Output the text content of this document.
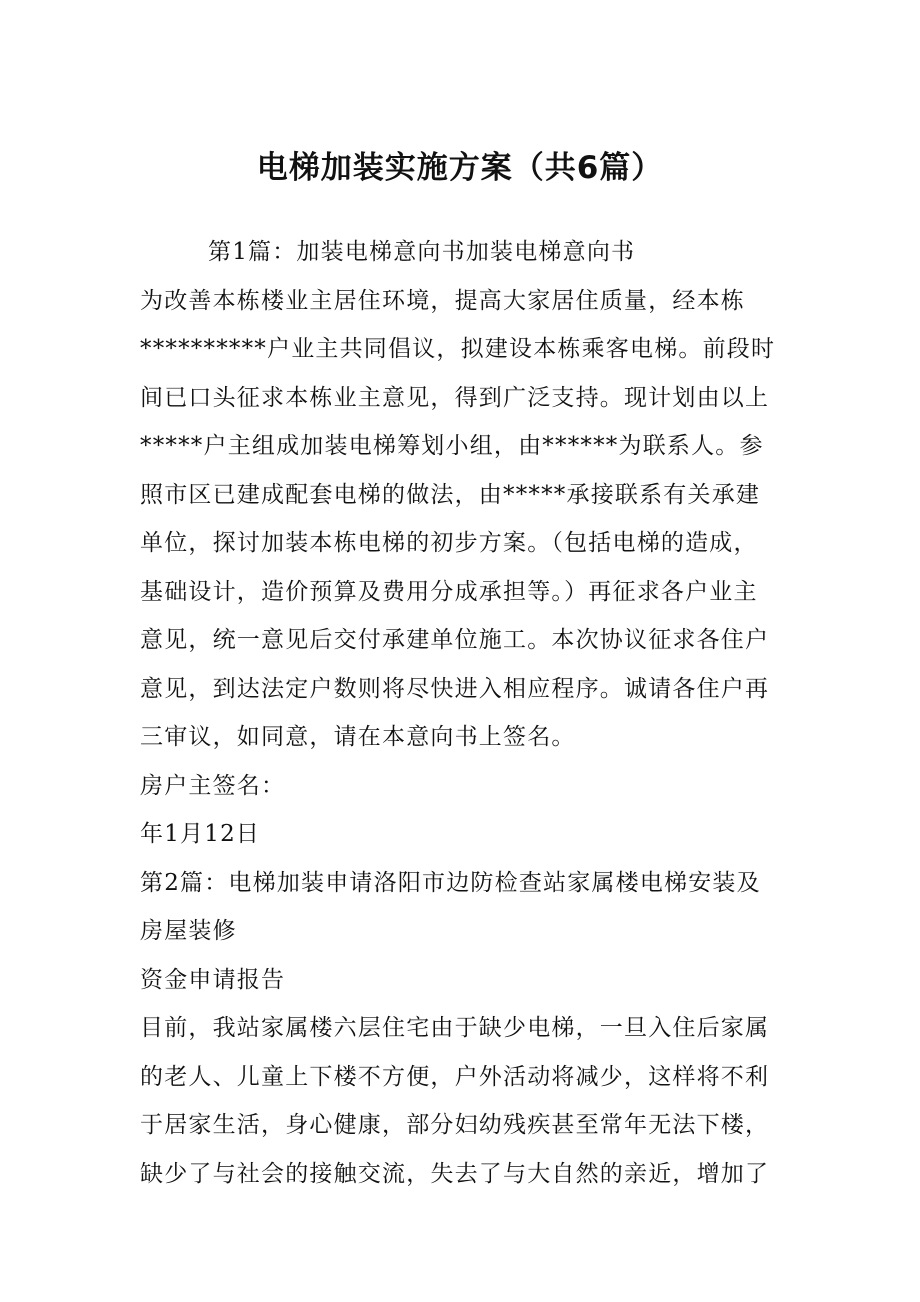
电梯加装实施方案（共6篇）
第1篇：加装电梯意向书加装电梯意向书
为改善本栋楼业主居住环境，提高大家居住质量，经本栋
**********户业主共同倡议，拟建设本栋乘客电梯。前段时
间已口头征求本栋业主意见，得到广泛支持。现计划由以上
*****户主组成加装电梯筹划小组，由******为联系人。参
照市区已建成配套电梯的做法，由*****承接联系有关承建
单位，探讨加装本栋电梯的初步方案。（包括电梯的造成，
基础设计，造价预算及费用分成承担等。）再征求各户业主
意见，统一意见后交付承建单位施工。本次协议征求各住户
意见，到达法定户数则将尽快进入相应程序。诚请各住户再
三审议，如同意，请在本意向书上签名。
房户主签名：
年1月12日
第2篇：电梯加装申请洛阳市边防检查站家属楼电梯安装及
房屋装修
资金申请报告
目前，我站家属楼六层住宅由于缺少电梯，一旦入住后家属
的老人、儿童上下楼不方便，户外活动将减少，这样将不利
于居家生活，身心健康，部分妇幼残疾甚至常年无法下楼，
缺少了与社会的接触交流，失去了与大自然的亲近，增加了
